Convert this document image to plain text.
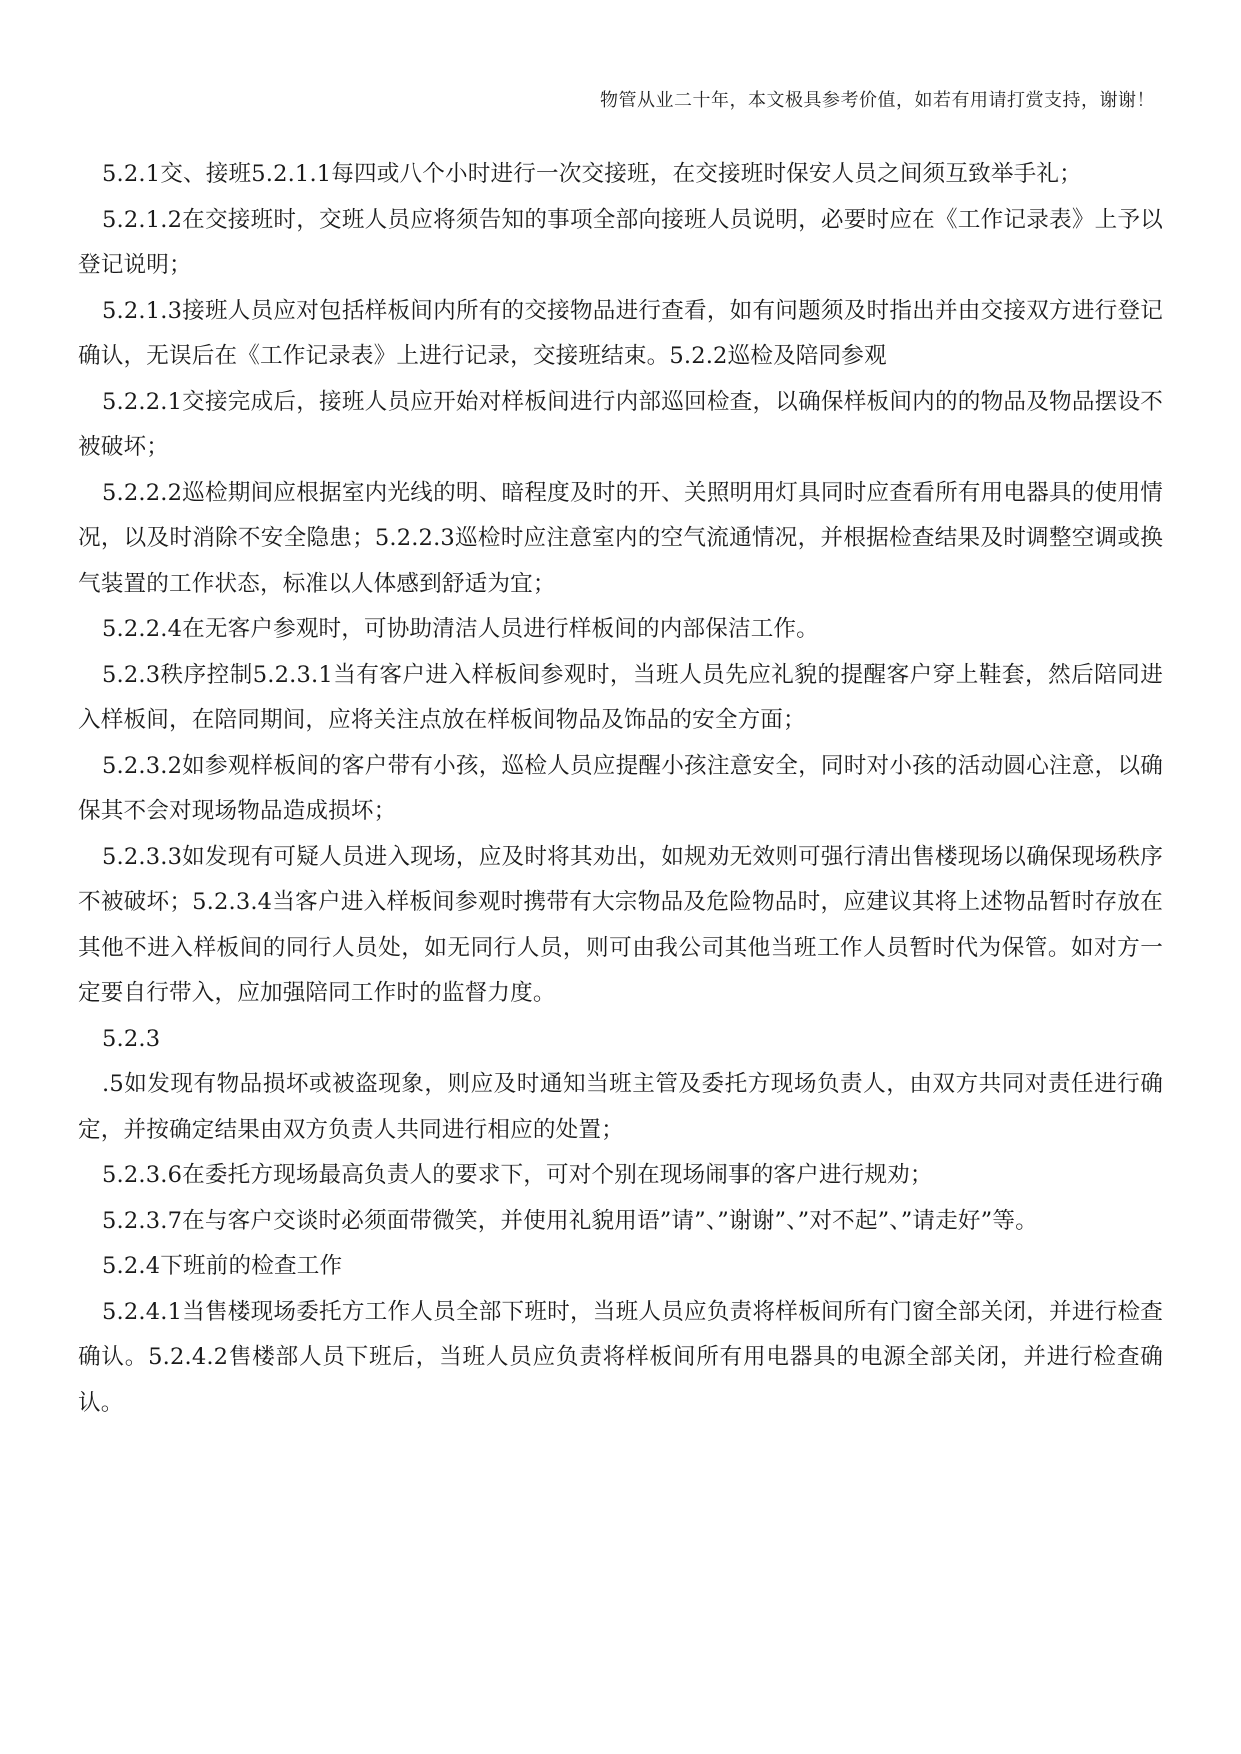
物管从业二十年，本文极具参考价值，如若有用请打赏支持，谢谢！

5.2.1交、接班5.2.1.1每四或八个小时进行一次交接班，在交接班时保安人员之间须互致举手礼；

5.2.1.2在交接班时，交班人员应将须告知的事项全部向接班人员说明，必要时应在《工作记录表》上予以登记说明；

5.2.1.3接班人员应对包括样板间内所有的交接物品进行查看，如有问题须及时指出并由交接双方进行登记确认，无误后在《工作记录表》上进行记录，交接班结束。5.2.2巡检及陪同参观

5.2.2.1交接完成后，接班人员应开始对样板间进行内部巡回检查，以确保样板间内的的物品及物品摆设不被破坏；

5.2.2.2巡检期间应根据室内光线的明、暗程度及时的开、关照明用灯具同时应查看所有用电器具的使用情况，以及时消除不安全隐患；5.2.2.3巡检时应注意室内的空气流通情况，并根据检查结果及时调整空调或换气装置的工作状态，标准以人体感到舒适为宜；

5.2.2.4在无客户参观时，可协助清洁人员进行样板间的内部保洁工作。

5.2.3秩序控制5.2.3.1当有客户进入样板间参观时，当班人员先应礼貌的提醒客户穿上鞋套，然后陪同进入样板间，在陪同期间，应将关注点放在样板间物品及饰品的安全方面；

5.2.3.2如参观样板间的客户带有小孩，巡检人员应提醒小孩注意安全，同时对小孩的活动圆心注意，以确保其不会对现场物品造成损坏；

5.2.3.3如发现有可疑人员进入现场，应及时将其劝出，如规劝无效则可强行清出售楼现场以确保现场秩序不被破坏；5.2.3.4当客户进入样板间参观时携带有大宗物品及危险物品时，应建议其将上述物品暂时存放在其他不进入样板间的同行人员处，如无同行人员，则可由我公司其他当班工作人员暂时代为保管。如对方一定要自行带入，应加强陪同工作时的监督力度。

5.2.3

.5如发现有物品损坏或被盗现象，则应及时通知当班主管及委托方现场负责人，由双方共同对责任进行确定，并按确定结果由双方负责人共同进行相应的处置；

5.2.3.6在委托方现场最高负责人的要求下，可对个别在现场闹事的客户进行规劝；

5.2.3.7在与客户交谈时必须面带微笑，并使用礼貌用语”请”、”谢谢”、”对不起”、”请走好”等。

5.2.4下班前的检查工作

5.2.4.1当售楼现场委托方工作人员全部下班时，当班人员应负责将样板间所有门窗全部关闭，并进行检查确认。5.2.4.2售楼部人员下班后，当班人员应负责将样板间所有用电器具的电源全部关闭，并进行检查确认。
